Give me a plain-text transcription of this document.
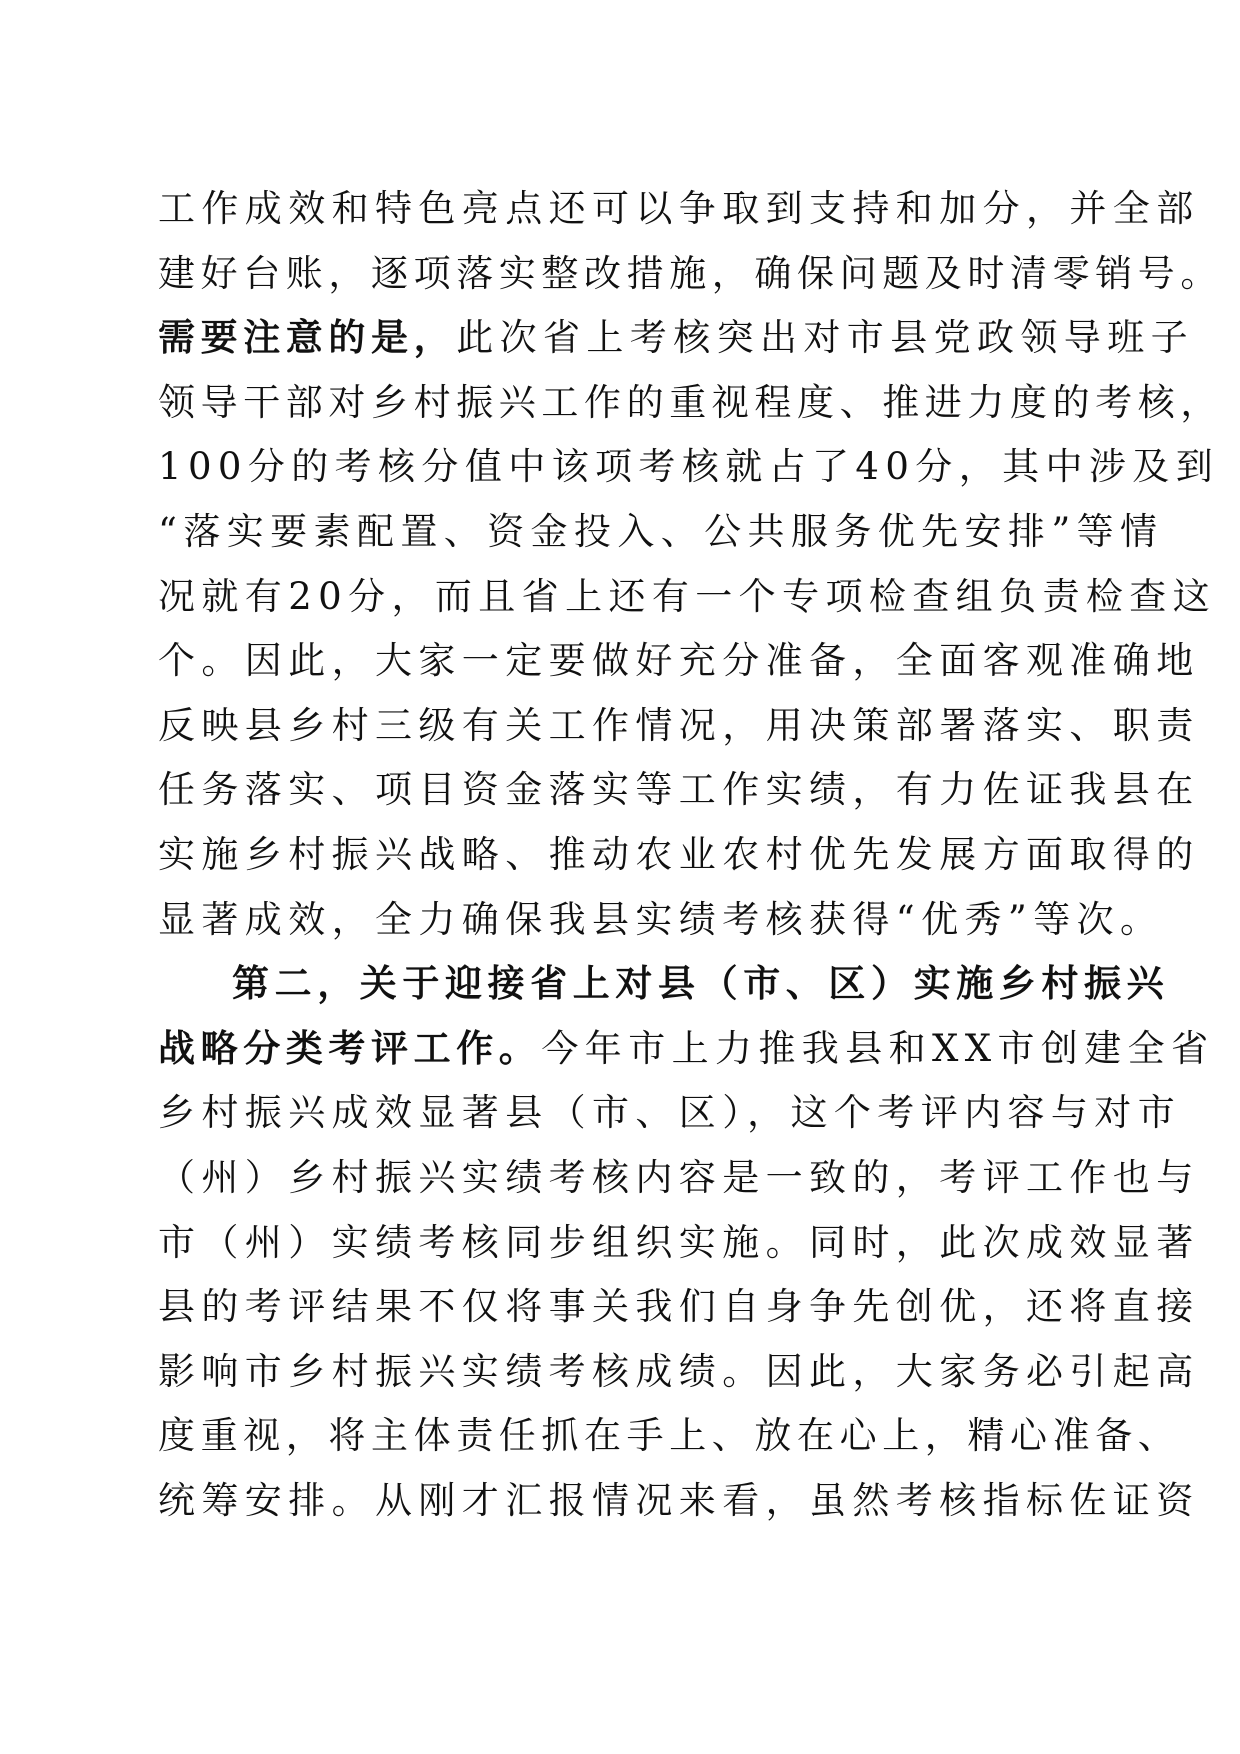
工作成效和特色亮点还可以争取到支持和加分，并全部
建好台账，逐项落实整改措施，确保问题及时清零销号。
需要注意的是，此次省上考核突出对市县党政领导班子
领导干部对乡村振兴工作的重视程度、推进力度的考核，
100分的考核分值中该项考核就占了40分，其中涉及到
“落实要素配置、资金投入、公共服务优先安排”等情
况就有20分，而且省上还有一个专项检查组负责检查这
个。因此，大家一定要做好充分准备，全面客观准确地
反映县乡村三级有关工作情况，用决策部署落实、职责
任务落实、项目资金落实等工作实绩，有力佐证我县在
实施乡村振兴战略、推动农业农村优先发展方面取得的
显著成效，全力确保我县实绩考核获得“优秀”等次。
第二，关于迎接省上对县（市、区）实施乡村振兴
战略分类考评工作。今年市上力推我县和XX市创建全省
乡村振兴成效显著县（市、区），这个考评内容与对市
（州）乡村振兴实绩考核内容是一致的，考评工作也与
市（州）实绩考核同步组织实施。同时，此次成效显著
县的考评结果不仅将事关我们自身争先创优，还将直接
影响市乡村振兴实绩考核成绩。因此，大家务必引起高
度重视，将主体责任抓在手上、放在心上，精心准备、
统筹安排。从刚才汇报情况来看，虽然考核指标佐证资
